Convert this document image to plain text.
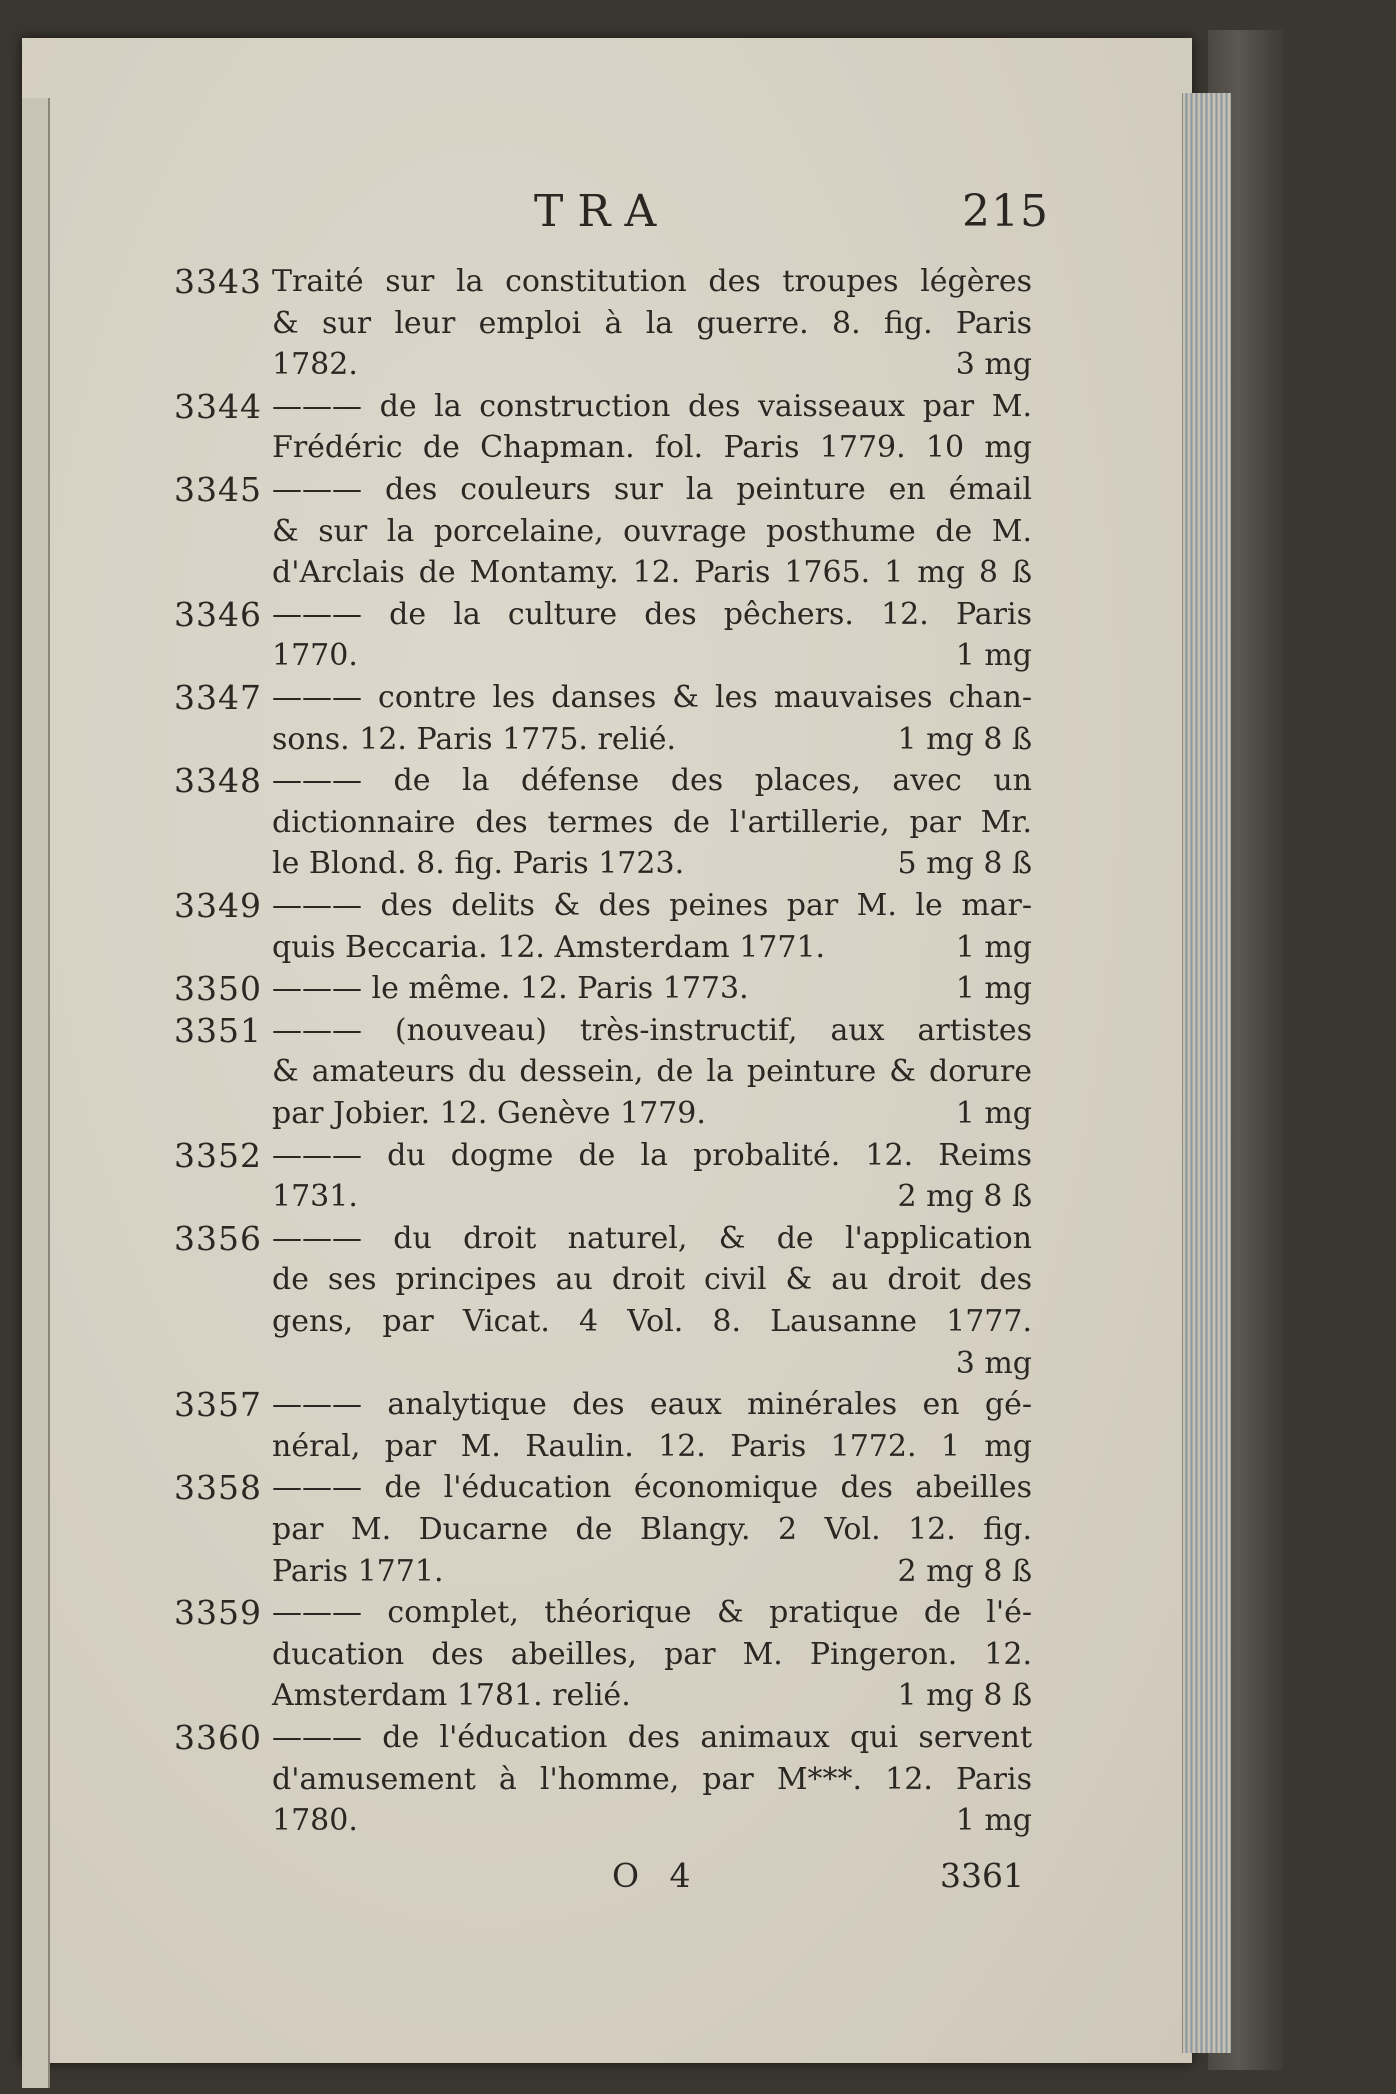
TRA	215
3343 Traité sur la constitution des troupes légères
& sur leur emploi à la guerre. 8. fig. Paris
1782.	3 mg
3344 ——— de la construction des vaisseaux par M.
Frédéric de Chapman. fol. Paris 1779. 10 mg
3345 ——— des couleurs sur la peinture en émail
& sur la porcelaine, ouvrage posthume de M.
d'Arclais de Montamy. 12. Paris 1765. 1 mg 8 ß
3346 ——— de la culture des pêchers. 12. Paris
1770.	1 mg
3347 ——— contre les danses & les mauvaises chan-
sons. 12. Paris 1775. relié.	1 mg 8 ß
3348 ——— de la défense des places, avec un
dictionnaire des termes de l'artillerie, par Mr.
le Blond. 8. fig. Paris 1723.	5 mg 8 ß
3349 ——— des delits & des peines par M. le mar-
quis Beccaria. 12. Amsterdam 1771.	1 mg
3350 ——— le même. 12. Paris 1773.	1 mg
3351 ——— (nouveau) très-instructif, aux artistes
& amateurs du dessein, de la peinture & dorure
par Jobier. 12. Genève 1779.	1 mg
3352 ——— du dogme de la probalité. 12. Reims
1731.	2 mg 8 ß
3356 ——— du droit naturel, & de l'application
de ses principes au droit civil & au droit des
gens, par Vicat. 4 Vol. 8. Lausanne 1777.
3 mg
3357 ——— analytique des eaux minérales en gé-
néral, par M. Raulin. 12. Paris 1772. 1 mg
3358 ——— de l'éducation économique des abeilles
par M. Ducarne de Blangy. 2 Vol. 12. fig.
Paris 1771.	2 mg 8 ß
3359 ——— complet, théorique & pratique de l'é-
ducation des abeilles, par M. Pingeron. 12.
Amsterdam 1781. relié.	1 mg 8 ß
3360 ——— de l'éducation des animaux qui servent
d'amusement à l'homme, par M***. 12. Paris
1780.	1 mg
O 4	3361
